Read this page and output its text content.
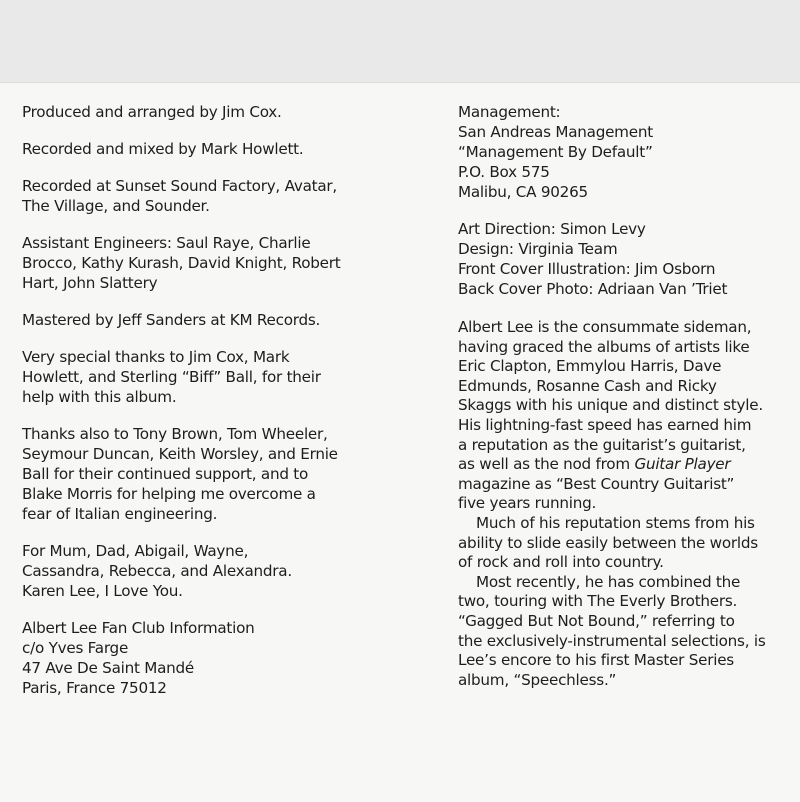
Produced and arranged by Jim Cox.
Recorded and mixed by Mark Howlett.
Recorded at Sunset Sound Factory, Avatar,
The Village, and Sounder.
Assistant Engineers: Saul Raye, Charlie
Brocco, Kathy Kurash, David Knight, Robert
Hart, John Slattery
Mastered by Jeff Sanders at KM Records.
Very special thanks to Jim Cox, Mark
Howlett, and Sterling “Biff” Ball, for their
help with this album.
Thanks also to Tony Brown, Tom Wheeler,
Seymour Duncan, Keith Worsley, and Ernie
Ball for their continued support, and to
Blake Morris for helping me overcome a
fear of Italian engineering.
For Mum, Dad, Abigail, Wayne,
Cassandra, Rebecca, and Alexandra.
Karen Lee, I Love You.
Albert Lee Fan Club Information
c/o Yves Farge
47 Ave De Saint Mandé
Paris, France 75012
Management:
San Andreas Management
“Management By Default”
P.O. Box 575
Malibu, CA 90265
Art Direction: Simon Levy
Design: Virginia Team
Front Cover Illustration: Jim Osborn
Back Cover Photo: Adriaan Van ’Triet
Albert Lee is the consummate sideman,
having graced the albums of artists like
Eric Clapton, Emmylou Harris, Dave
Edmunds, Rosanne Cash and Ricky
Skaggs with his unique and distinct style.
His lightning-fast speed has earned him
a reputation as the guitarist’s guitarist,
as well as the nod from Guitar Player
magazine as “Best Country Guitarist”
five years running.
Much of his reputation stems from his
ability to slide easily between the worlds
of rock and roll into country.
Most recently, he has combined the
two, touring with The Everly Brothers.
“Gagged But Not Bound,” referring to
the exclusively-instrumental selections, is
Lee’s encore to his first Master Series
album, “Speechless.”
